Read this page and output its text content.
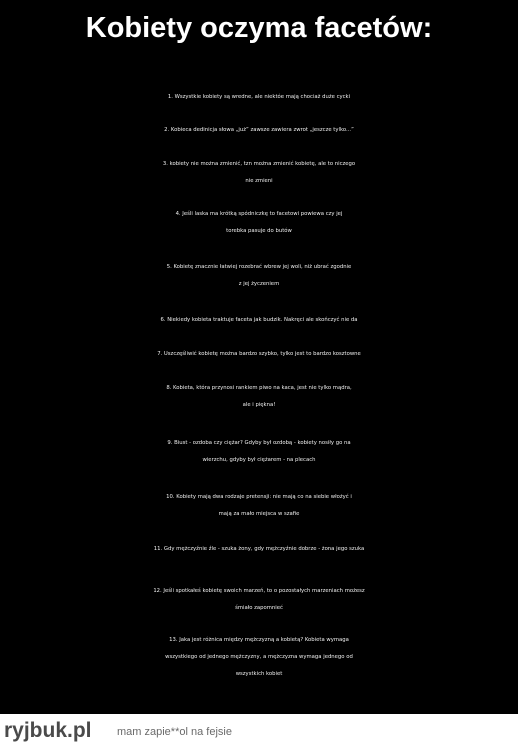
Kobiety oczyma facetów:
1. Wszystkie kobiety są wredne, ale niektóe mają chociaż duże cycki
2. Kobieca dedinicja słowa „już” zawsze zawiera zwrot „jeszcze tylko...”
3. kobiety nie można zmienić, tzn można zmienić kobietę, ale to niczego
nie zmieni
4. Jeśli laska ma krótką spódniczkę to facetowi powiewa czy jej
torebka pasuje do butów
5. Kobietę znacznie łatwiej rozebrać wbrew jej woli, niż ubrać zgodnie
z jej życzeniem
6. Niekiedy kobieta traktuje faceta jak budzik. Nakręci ale skończyć nie da
7. Uszczęśliwić kobietę można bardzo szybko, tylko jest to bardzo kosztowne
8. Kobieta, która przynosi rankiem piwo na kaca, jest nie tylko mądra,
ale i piękna!
9. Biust - ozdoba czy ciężar? Gdyby był ozdobą - kobiety nosiły go na
wierzchu, gdyby był ciężarem - na plecach
10. Kobiety mają dwa rodzaje pretensji: nie mają co na siebie włożyć i
mają za mało miejsca w szafie
11. Gdy mężczyźnie źle - szuka żony, gdy mężczyźnie dobrze - żona jego szuka
12. Jeśli spotkałeś kobietę swoich marzeń, to o pozostałych marzeniach możesz
śmiało zapomnieć
13. Jaka jest różnica między mężczyzną a kobietą? Kobieta wymaga
wszystkiego od jednego mężczyzny, a mężczyzna wymaga jednego od
wszystkich kobiet
ryjbuk.pl mam zapie**ol na fejsie
